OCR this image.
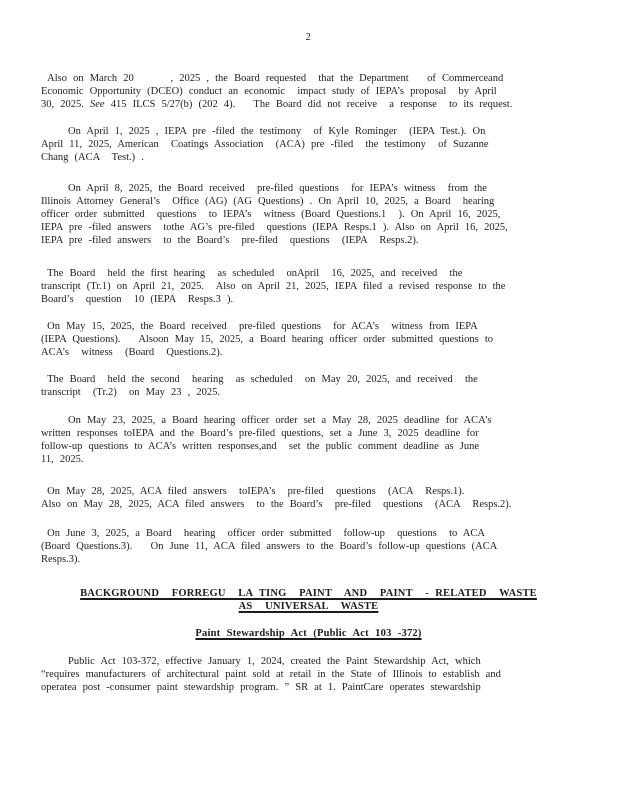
2
Also on March 20      , 2025 , the Board requested  that the Department   of Commerceand
Economic Opportunity (DCEO) conduct an economic  impact study of IEPA’s proposal  by April
30, 2025. See 415 ILCS 5/27(b) (202 4).   The Board did not receive  a response  to its request.
On April 1, 2025 , IEPA pre -filed the testimony  of Kyle Rominger  (IEPA Test.). On
April 11, 2025, American  Coatings Association  (ACA) pre -filed  the testimony  of Suzanne
Chang (ACA  Test.) .
On April 8, 2025, the Board received  pre-filed questions  for IEPA’s witness  from the
Illinois Attorney General’s  Office (AG) (AG Questions) . On April 10, 2025, a Board  hearing
officer order submitted  questions  to IEPA’s  witness (Board Questions.1  ). On April 16, 2025,
IEPA pre -filed answers  tothe AG’s pre-filed  questions (IEPA Resps.1 ). Also on April 16, 2025,
IEPA pre -filed answers  to the Board’s  pre-filed  questions  (IEPA  Resps.2).
The Board  held the first hearing  as scheduled  onApril  16, 2025, and received  the
transcript (Tr.1) on April 21, 2025.  Also on April 21, 2025, IEPA filed a revised response to the
Board’s  question  10 (IEPA  Resps.3 ).
On May 15, 2025, the Board received  pre-filed questions  for ACA’s  witness from IEPA
(IEPA Questions).   Alsoon May 15, 2025, a Board hearing officer order submitted questions to
ACA’s  witness  (Board  Questions.2).
The Board  held the second  hearing  as scheduled  on May 20, 2025, and received  the
transcript  (Tr.2)  on May 23 , 2025.
On May 23, 2025, a Board hearing officer order set a May 28, 2025 deadline for ACA’s
written responses toIEPA and the Board’s pre-filed questions, set a June 3, 2025 deadline for
follow-up questions to ACA’s written responses,and  set the public comment deadline as June
11, 2025.
On May 28, 2025, ACA filed answers  toIEPA’s  pre-filed  questions  (ACA  Resps.1).
Also on May 28, 2025, ACA filed answers  to the Board’s  pre-filed  questions  (ACA  Resps.2).
On June 3, 2025, a Board  hearing  officer order submitted  follow-up  questions  to ACA
(Board Questions.3).   On June 11, ACA filed answers to the Board’s follow-up questions (ACA
Resps.3).
BACKGROUND  FORREGU  LA TING  PAINT  AND  PAINT  - RELATED  WASTE
AS  UNIVERSAL  WASTE
Paint Stewardship Act (Public Act 103 -372)
Public Act 103-372, effective January 1, 2024, created the Paint Stewardship Act, which
“requires manufacturers of architectural paint sold at retail in the State of Illinois to establish and
operatea post -consumer paint stewardship program. ” SR at 1. PaintCare operates stewardship
